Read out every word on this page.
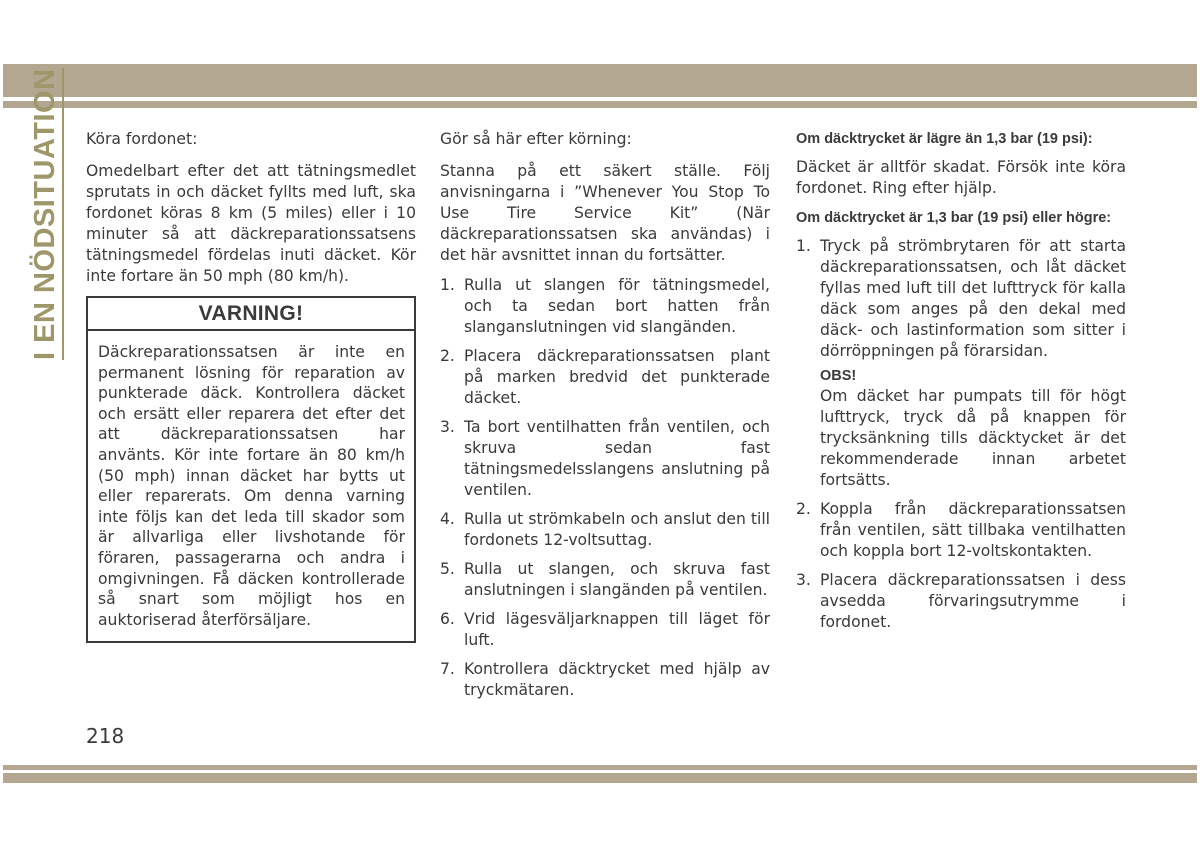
I EN NÖDSITUATION Köra fordonet:

Omedelbart efter det att tätningsmedlet sprutats in och däcket fyllts med luft, ska fordonet köras 8 km (5 miles) eller i 10 minuter så att däckreparationssatsens tätningsmedel fördelas inuti däcket. Kör inte fortare än 50 mph (80 km/h).

VARNING!
Däckreparationssatsen är inte en permanent lösning för reparation av punkterade däck. Kontrollera däcket och ersätt eller reparera det efter det att däckreparationssatsen har använts. Kör inte fortare än 80 km/h (50 mph) innan däcket har bytts ut eller reparerats. Om denna varning inte följs kan det leda till skador som är allvarliga eller livshotande för föraren, passagerarna och andra i omgivningen. Få däcken kontrollerade så snart som möjligt hos en auktoriserad återförsäljare.

Gör så här efter körning:

Stanna på ett säkert ställe. Följ anvisningarna i ”Whenever You Stop To Use Tire Service Kit” (När däckreparationssatsen ska användas) i det här avsnittet innan du fortsätter.

1. Rulla ut slangen för tätningsmedel, och ta sedan bort hatten från slanganslutningen vid slangänden.
2. Placera däckreparationssatsen plant på marken bredvid det punkterade däcket.
3. Ta bort ventilhatten från ventilen, och skruva sedan fast tätningsmedelsslangens anslutning på ventilen.
4. Rulla ut strömkabeln och anslut den till fordonets 12-voltsuttag.
5. Rulla ut slangen, och skruva fast anslutningen i slangänden på ventilen.
6. Vrid lägesväljarknappen till läget för luft.
7. Kontrollera däcktrycket med hjälp av tryckmätaren.

Om däcktrycket är lägre än 1,3 bar (19 psi):

Däcket är alltför skadat. Försök inte köra fordonet. Ring efter hjälp.

Om däcktrycket är 1,3 bar (19 psi) eller högre:

1. Tryck på strömbrytaren för att starta däckreparationssatsen, och låt däcket fyllas med luft till det lufttryck för kalla däck som anges på den dekal med däck- och lastinformation som sitter i dörröppningen på förarsidan.
OBS!
Om däcket har pumpats till för högt lufttryck, tryck då på knappen för trycksänkning tills däcktycket är det rekommenderade innan arbetet fortsätts.
2. Koppla från däckreparationssatsen från ventilen, sätt tillbaka ventilhatten och koppla bort 12-voltskontakten.
3. Placera däckreparationssatsen i dess avsedda förvaringsutrymme i fordonet.
218
